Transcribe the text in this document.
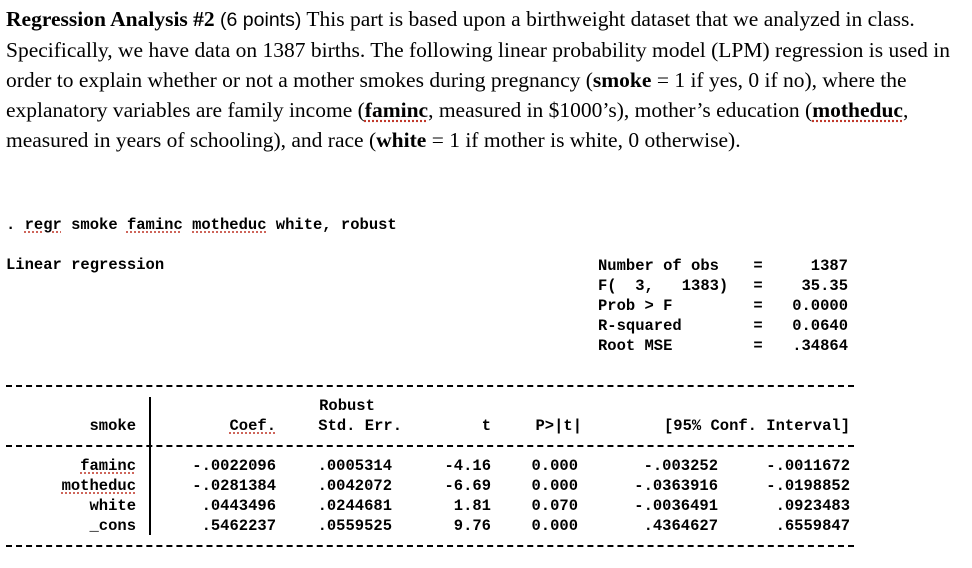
Regression Analysis #2 (6 points) This part is based upon a birthweight dataset that we analyzed in class. Specifically, we have data on 1387 births. The following linear probability model (LPM) regression is used in order to explain whether or not a mother smokes during pregnancy (smoke = 1 if yes, 0 if no), where the explanatory variables are family income (faminc, measured in $1000’s), mother’s education (motheduc, measured in years of schooling), and race (white = 1 if mother is white, 0 otherwise).
. regr smoke faminc motheduc white, robust
Linear regression	Number of obs	=	1387
F(  3,   1383)	=	35.35
Prob > F	=	0.0000
R-squared	=	0.0640
Root MSE	=	.34864
Robust
smoke	Coef.	Std. Err.	t	P>|t|	[95% Conf. Interval]
faminc	-.0022096	.0005314	-4.16	0.000	-.003252	-.0011672
motheduc	-.0281384	.0042072	-6.69	0.000	-.0363916	-.0198852
white	.0443496	.0244681	1.81	0.070	-.0036491	.0923483
_cons	.5462237	.0559525	9.76	0.000	.4364627	.6559847
